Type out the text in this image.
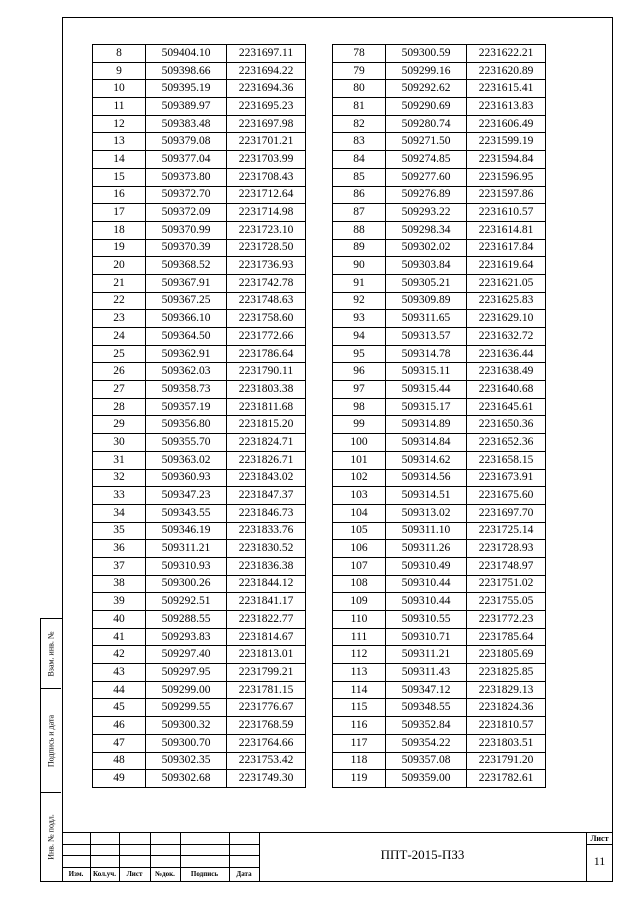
Взам. инв. №
Подпись и дата
Инв. № подл.
8	509404.10	2231697.11
9	509398.66	2231694.22
10	509395.19	2231694.36
11	509389.97	2231695.23
12	509383.48	2231697.98
13	509379.08	2231701.21
14	509377.04	2231703.99
15	509373.80	2231708.43
16	509372.70	2231712.64
17	509372.09	2231714.98
18	509370.99	2231723.10
19	509370.39	2231728.50
20	509368.52	2231736.93
21	509367.91	2231742.78
22	509367.25	2231748.63
23	509366.10	2231758.60
24	509364.50	2231772.66
25	509362.91	2231786.64
26	509362.03	2231790.11
27	509358.73	2231803.38
28	509357.19	2231811.68
29	509356.80	2231815.20
30	509355.70	2231824.71
31	509363.02	2231826.71
32	509360.93	2231843.02
33	509347.23	2231847.37
34	509343.55	2231846.73
35	509346.19	2231833.76
36	509311.21	2231830.52
37	509310.93	2231836.38
38	509300.26	2231844.12
39	509292.51	2231841.17
40	509288.55	2231822.77
41	509293.83	2231814.67
42	509297.40	2231813.01
43	509297.95	2231799.21
44	509299.00	2231781.15
45	509299.55	2231776.67
46	509300.32	2231768.59
47	509300.70	2231764.66
48	509302.35	2231753.42
49	509302.68	2231749.30
78	509300.59	2231622.21
79	509299.16	2231620.89
80	509292.62	2231615.41
81	509290.69	2231613.83
82	509280.74	2231606.49
83	509271.50	2231599.19
84	509274.85	2231594.84
85	509277.60	2231596.95
86	509276.89	2231597.86
87	509293.22	2231610.57
88	509298.34	2231614.81
89	509302.02	2231617.84
90	509303.84	2231619.64
91	509305.21	2231621.05
92	509309.89	2231625.83
93	509311.65	2231629.10
94	509313.57	2231632.72
95	509314.78	2231636.44
96	509315.11	2231638.49
97	509315.44	2231640.68
98	509315.17	2231645.61
99	509314.89	2231650.36
100	509314.84	2231652.36
101	509314.62	2231658.15
102	509314.56	2231673.91
103	509314.51	2231675.60
104	509313.02	2231697.70
105	509311.10	2231725.14
106	509311.26	2231728.93
107	509310.49	2231748.97
108	509310.44	2231751.02
109	509310.44	2231755.05
110	509310.55	2231772.23
111	509310.71	2231785.64
112	509311.21	2231805.69
113	509311.43	2231825.85
114	509347.12	2231829.13
115	509348.55	2231824.36
116	509352.84	2231810.57
117	509354.22	2231803.51
118	509357.08	2231791.20
119	509359.00	2231782.61
Изм.	Кол.уч.	Лист	№док.	Подпись	Дата
ППТ-2015-ПЗ3
Лист
11
